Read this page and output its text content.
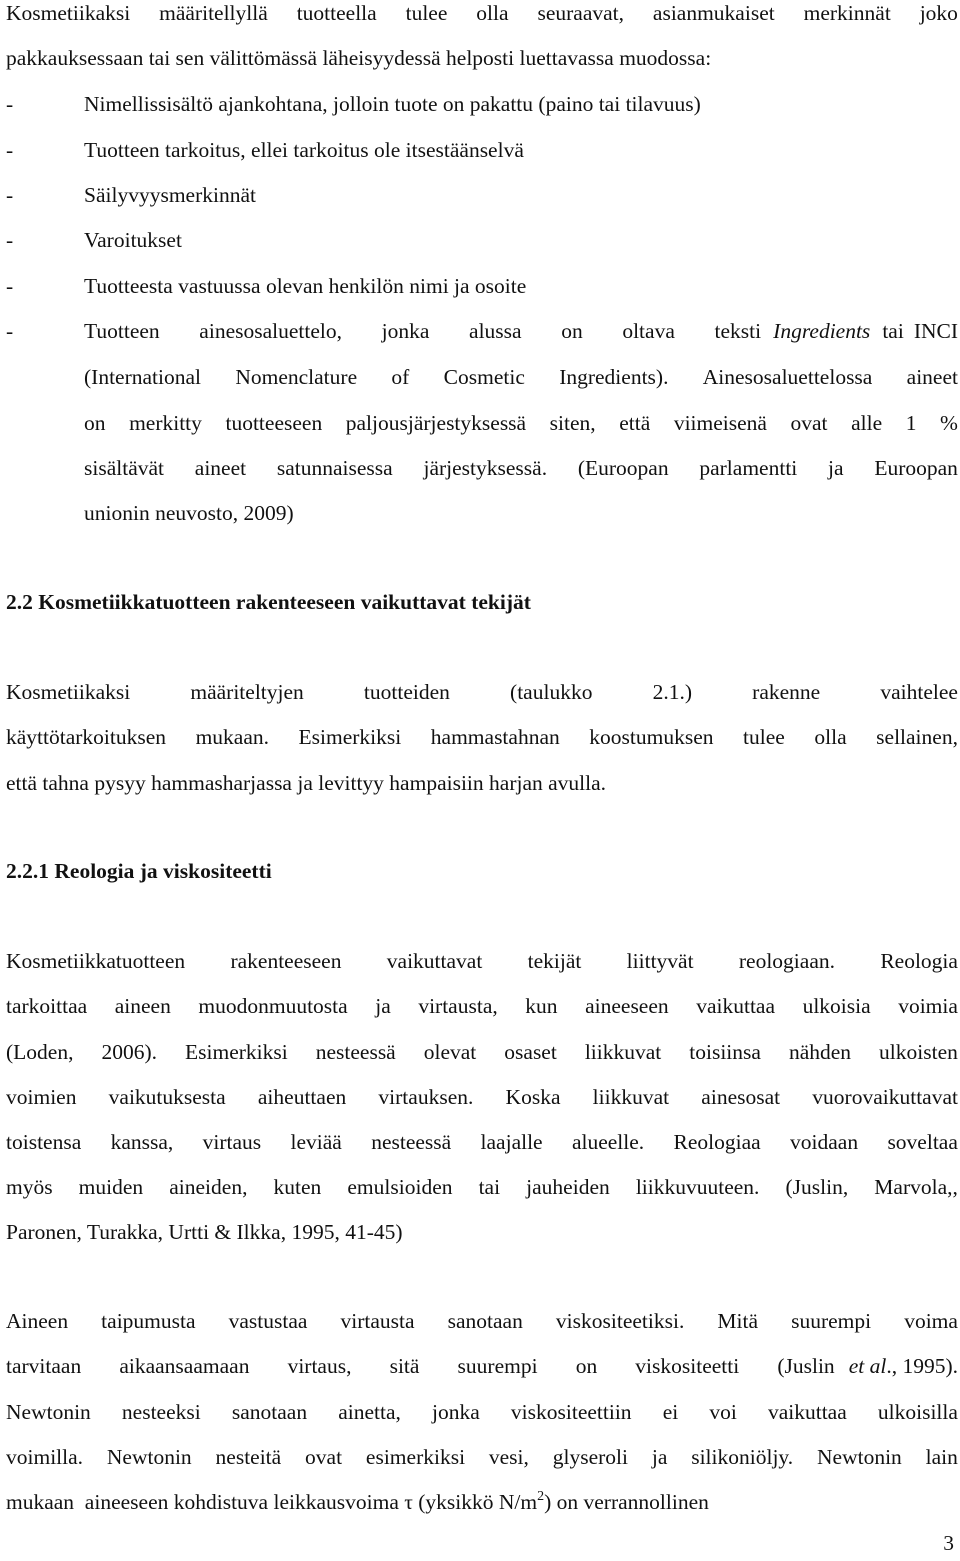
Kosmetiikaksi määritellyllä tuotteella tulee olla seuraavat, asianmukaiset merkinnät joko
pakkauksessaan tai sen välittömässä läheisyydessä helposti luettavassa muodossa:
-	Nimellissisältö ajankohtana, jolloin tuote on pakattu (paino tai tilavuus)
-	Tuotteen tarkoitus, ellei tarkoitus ole itsestäänselvä
-	Säilyvyysmerkinnät
-	Varoitukset
-	Tuotteesta vastuussa olevan henkilön nimi ja osoite
-	Tuotteen ainesosaluettelo, jonka alussa on oltava teksti Ingredients tai INCI
(International Nomenclature of Cosmetic Ingredients). Ainesosaluettelossa aineet
on merkitty tuotteeseen paljousjärjestyksessä siten, että viimeisenä ovat alle 1 %
sisältävät aineet satunnaisessa järjestyksessä. (Euroopan parlamentti ja Euroopan
unionin neuvosto, 2009)
2.2 Kosmetiikkatuotteen rakenteeseen vaikuttavat tekijät
Kosmetiikaksi	määriteltyjen	tuotteiden	(taulukko	2.1.)	rakenne	vaihtelee
käyttötarkoituksen mukaan. Esimerkiksi hammastahnan koostumuksen tulee olla sellainen,
että tahna pysyy hammasharjassa ja levittyy hampaisiin harjan avulla.
2.2.1 Reologia ja viskositeetti
Kosmetiikkatuotteen rakenteeseen vaikuttavat tekijät liittyvät reologiaan. Reologia
tarkoittaa aineen muodonmuutosta ja virtausta, kun aineeseen vaikuttaa ulkoisia voimia
(Loden, 2006). Esimerkiksi nesteessä olevat osaset liikkuvat toisiinsa nähden ulkoisten
voimien vaikutuksesta aiheuttaen virtauksen. Koska liikkuvat ainesosat vuorovaikuttavat
toistensa kanssa, virtaus leviää nesteessä laajalle alueelle. Reologiaa voidaan soveltaa
myös muiden aineiden, kuten emulsioiden tai jauheiden liikkuvuuteen. (Juslin, Marvola,,
Paronen, Turakka, Urtti & Ilkka, 1995, 41-45)
Aineen taipumusta vastustaa virtausta sanotaan viskositeetiksi. Mitä suurempi voima
tarvitaan aikaansaamaan virtaus, sitä suurempi on viskositeetti (Juslin et al ., 1995).
Newtonin nesteeksi sanotaan ainetta, jonka viskositeettiin ei voi vaikuttaa ulkoisilla
voimilla. Newtonin nesteitä ovat esimerkiksi vesi, glyseroli ja silikoniöljy. Newtonin lain
mukaan  aineeseen kohdistuva leikkausvoima τ (yksikkö $N/m^2$) on verrannollinen
3
